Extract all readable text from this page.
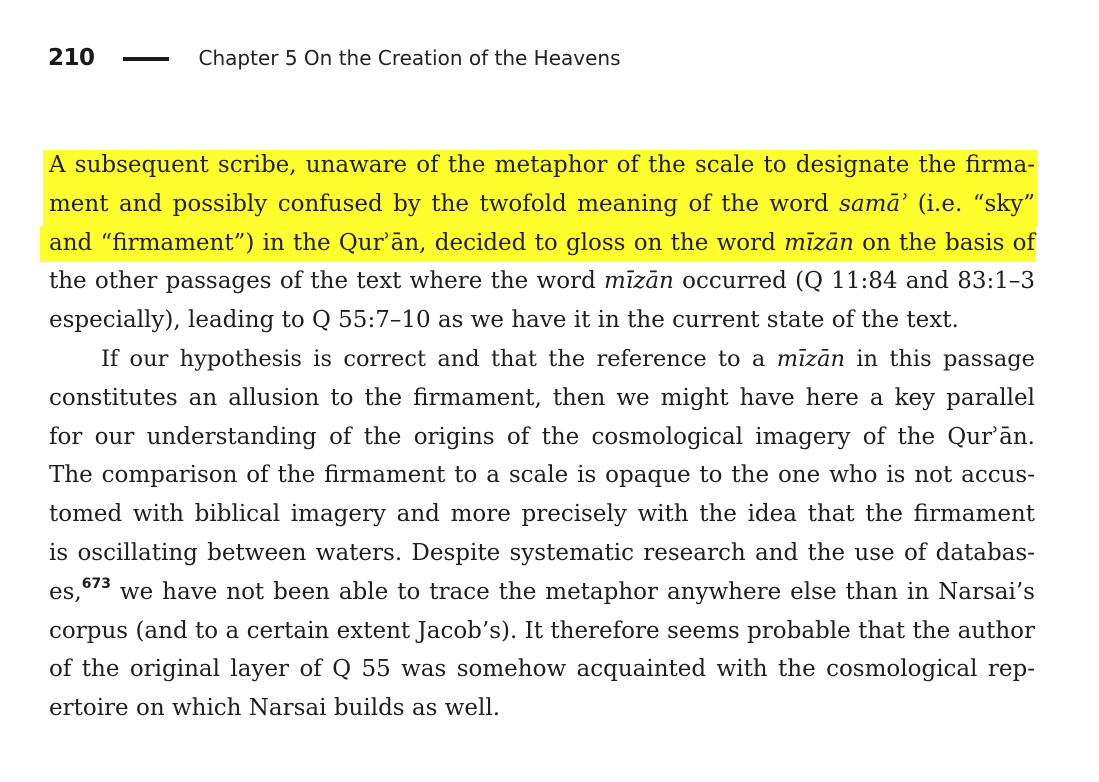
210	Chapter 5 On the Creation of the Heavens
A subsequent scribe, unaware of the metaphor of the scale to designate the firma-
ment and possibly confused by the twofold meaning of the word samāʾ (i.e. “sky”
and “firmament”) in the Qurʾān, decided to gloss on the word mīzān on the basis of
the other passages of the text where the word mīzān occurred (Q 11:84 and 83:1–3
especially), leading to Q 55:7–10 as we have it in the current state of the text.
If our hypothesis is correct and that the reference to a mīzān in this passage
constitutes an allusion to the firmament, then we might have here a key parallel
for our understanding of the origins of the cosmological imagery of the Qurʾān.
The comparison of the firmament to a scale is opaque to the one who is not accus-
tomed with biblical imagery and more precisely with the idea that the firmament
is oscillating between waters. Despite systematic research and the use of databas-
es,$^{673}$ we have not been able to trace the metaphor anywhere else than in Narsai’s
corpus (and to a certain extent Jacob’s). It therefore seems probable that the author
of the original layer of Q 55 was somehow acquainted with the cosmological rep-
ertoire on which Narsai builds as well.
